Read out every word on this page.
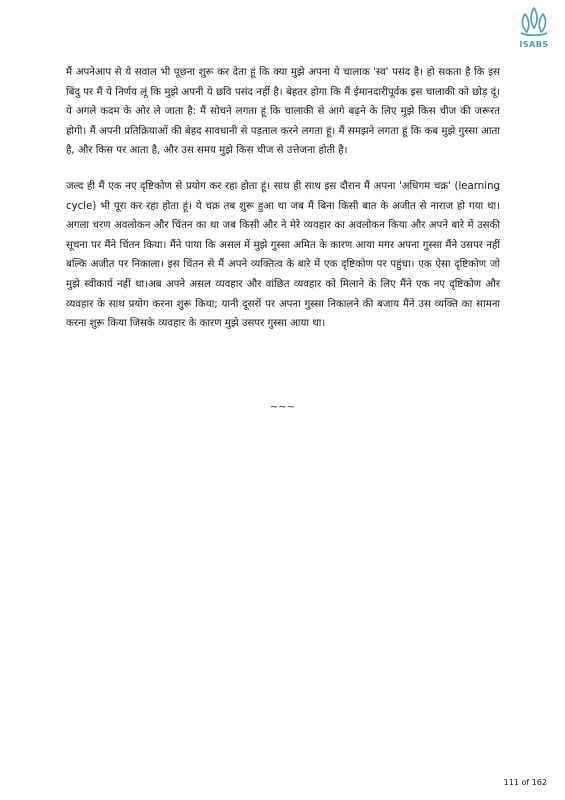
ISABS

मैं अपनेआप से ये सवाल भी पूछना शुरू कर देता हूं कि क्या मुझे अपना ये चालाक 'स्व' पसंद है। हो सकता है कि इस बिंदु पर मैं ये निर्णय लूं कि मुझे अपनी ये छवि पसंद नहीं है। बेहतर होगा कि मैं ईमानदारीपूर्वक इस चालाकी को छोड़ दूं। ये अगले कदम के ओर ले जाता है: मैं सोचने लगता हूं कि चालाकी से आगे बढ़ने के लिए मुझे किस चीज की जरूरत होगी। मैं अपनी प्रतिक्रियाओं की बेहद सावधानी से पड़ताल करने लगता हूं। मैं समझने लगता हूं कि कब मुझे गुस्सा आता है, और किस पर आता है, और उस समय मुझे किस चीज से उत्तेजना होती है।

जल्द ही मैं एक नए दृष्टिकोण से प्रयोग कर रहा होता हूं। साथ ही साथ इस दौरान मैं अपना 'अधिगम चक्र' (learning cycle) भी पूरा कर रहा होता हूं। ये चक्र तब शुरू हुआ था जब मैं बिना किसी बात के अजीत से नाराज हो गया था। अगला चरण अवलोकन और चिंतन का था जब किसी और ने मेरे व्यवहार का अवलोकन किया और अपने बारे में उसकी सूचना पर मैंने चिंतन किया। मैंने पाया कि असल में मुझे गुस्सा अमित के कारण आया मगर अपना गुस्सा मैंने उसपर नहीं बल्कि अजीत पर निकाला। इस चिंतन से मैं अपने व्यक्तित्व के बारे में एक दृष्टिकोण पर पहुंचा। एक ऐसा दृष्टिकोण जो मुझे स्वीकार्य नहीं था।अब अपने असल व्यवहार और वांछित व्यवहार को मिलाने के लिए मैंने एक नए दृष्टिकोण और व्यवहार के साथ प्रयोग करना शुरू किया; यानी दूसरों पर अपना गुस्सा निकालने की बजाय मैंने उस व्यक्ति का सामना करना शुरू किया जिसके व्यवहार के कारण मुझे उसपर गुस्सा आया था।

~~~
111 of 162
